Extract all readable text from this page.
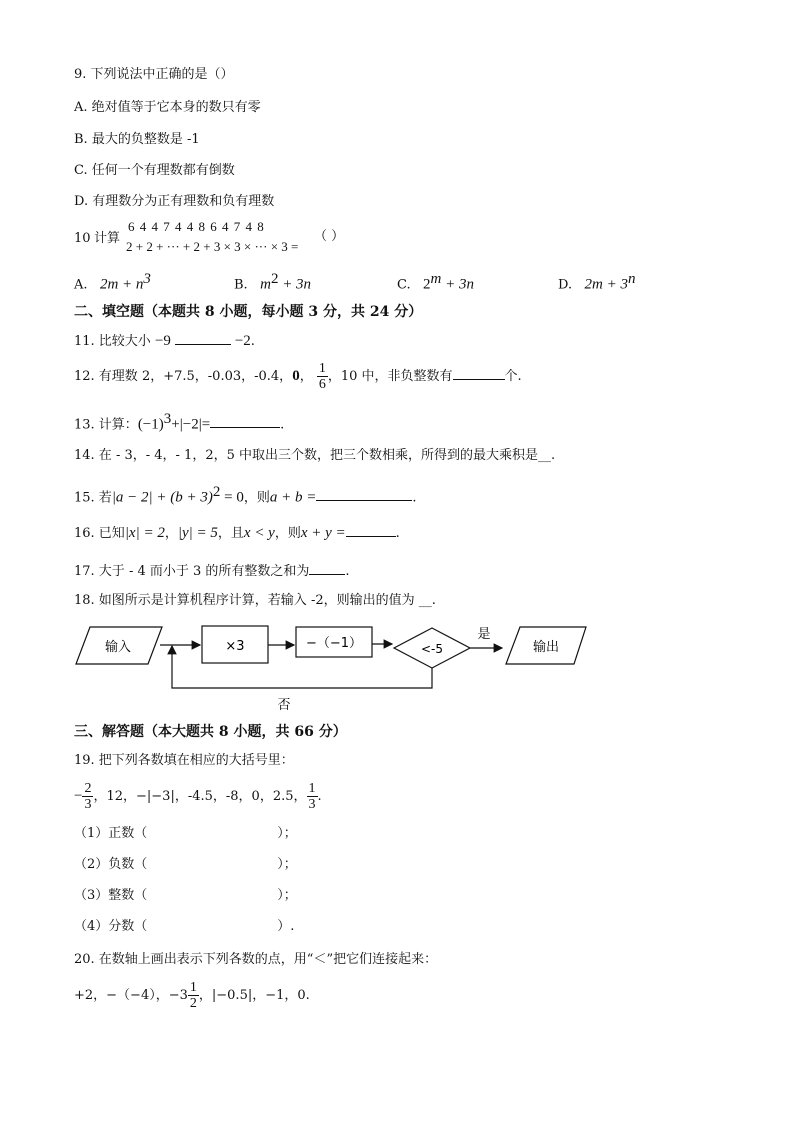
9. 下列说法中正确的是（）
A. 绝对值等于它本身的数只有零
B. 最大的负整数是 -1
C. 任何一个有理数都有倒数
D. 有理数分为正有理数和负有理数
10 计算
6 4 4 7 4 4 8 6 4 7 4 8
2 + 2 + ··· + 2 + 3 × 3 × ··· × 3 =
（ ）
A. $2m + n^3$	B. $m^2 + 3n$	C. $2^m + 3n$	D. $2m + 3^n$
二、填空题（本题共 8 小题，每小题 3 分，共 24 分）
11. 比较大小 −9	−2.
12. 有理数 2，+7.5，-0.03，-0.4，0， $\frac{1}{6}$ ，10 中，非负整数有	个.
13. 计算：$(-1)^3+|-2|=$	.
14. 在 - 3，- 4，- 1，2，5 中取出三个数，把三个数相乘，所得到的最大乘积是__.
15. 若$|a - 2| + (b + 3)^2 = 0$，则a + b =	.
16. 已知|x| = 2，|y| = 5，且x < y，则x + y =	.
17. 大于 - 4 而小于 3 的所有整数之和为	.
18. 如图所示是计算机程序计算，若输入 -2，则输出的值为 __.
输入	×3	−（−1）	<-5
是
输出
否
三、解答题（本大题共 8 小题，共 66 分）
19. 把下列各数填在相应的大括号里：
− $\frac{2}{3}$ ，12，−|−3|，-4.5，-8，0，2.5， $\frac{1}{3}$ .
（1）正数（	）；
（2）负数（	）；
（3）整数（	）；
（4）分数（	）.
20. 在数轴上画出表示下列各数的点，用“＜”把它们连接起来：
+2，−（−4），$-3 \frac{1}{2}$ ，|−0.5|，−1，0.
